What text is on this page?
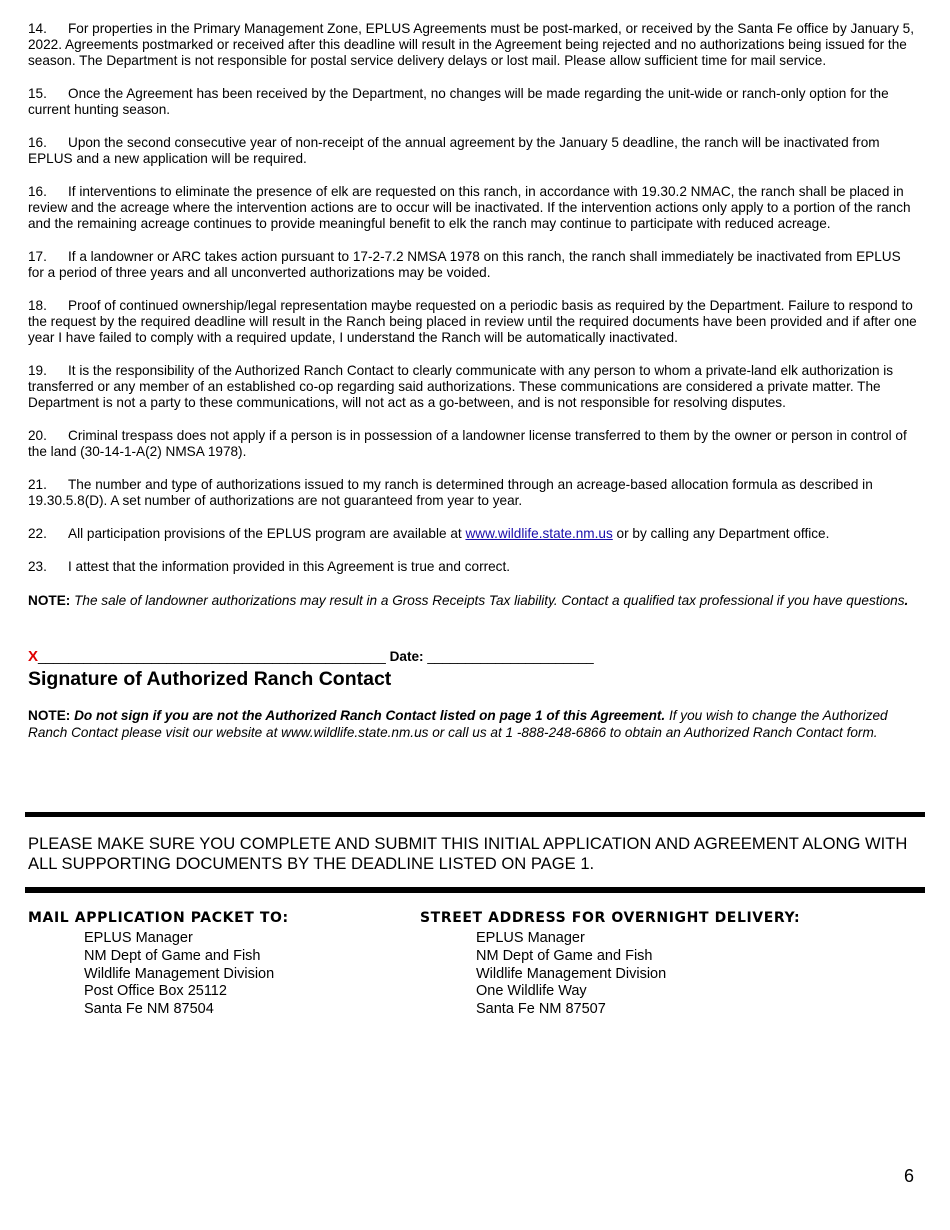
14. For properties in the Primary Management Zone, EPLUS Agreements must be post-marked, or received by the Santa Fe office by January 5, 2022. Agreements postmarked or received after this deadline will result in the Agreement being rejected and no authorizations being issued for the season. The Department is not responsible for postal service delivery delays or lost mail. Please allow sufficient time for mail service.
15. Once the Agreement has been received by the Department, no changes will be made regarding the unit-wide or ranch-only option for the current hunting season.
16. Upon the second consecutive year of non-receipt of the annual agreement by the January 5 deadline, the ranch will be inactivated from EPLUS and a new application will be required.
16. If interventions to eliminate the presence of elk are requested on this ranch, in accordance with 19.30.2 NMAC, the ranch shall be placed in review and the acreage where the intervention actions are to occur will be inactivated. If the intervention actions only apply to a portion of the ranch and the remaining acreage continues to provide meaningful benefit to elk the ranch may continue to participate with reduced acreage.
17. If a landowner or ARC takes action pursuant to 17-2-7.2 NMSA 1978 on this ranch, the ranch shall immediately be inactivated from EPLUS for a period of three years and all unconverted authorizations may be voided.
18. Proof of continued ownership/legal representation maybe requested on a periodic basis as required by the Department. Failure to respond to the request by the required deadline will result in the Ranch being placed in review until the required documents have been provided and if after one year I have failed to comply with a required update, I understand the Ranch will be automatically inactivated.
19. It is the responsibility of the Authorized Ranch Contact to clearly communicate with any person to whom a private-land elk authorization is transferred or any member of an established co-op regarding said authorizations. These communications are considered a private matter. The Department is not a party to these communications, will not act as a go-between, and is not responsible for resolving disputes.
20. Criminal trespass does not apply if a person is in possession of a landowner license transferred to them by the owner or person in control of the land (30-14-1-A(2) NMSA 1978).
21. The number and type of authorizations issued to my ranch is determined through an acreage-based allocation formula as described in 19.30.5.8(D). A set number of authorizations are not guaranteed from year to year.
22. All participation provisions of the EPLUS program are available at www.wildlife.state.nm.us or by calling any Department office.
23. I attest that the information provided in this Agreement is true and correct.
NOTE: The sale of landowner authorizations may result in a Gross Receipts Tax liability. Contact a qualified tax professional if you have questions.
X______________________________________________ Date: ______________________
Signature of Authorized Ranch Contact
NOTE: Do not sign if you are not the Authorized Ranch Contact listed on page 1 of this Agreement. If you wish to change the Authorized Ranch Contact please visit our website at www.wildlife.state.nm.us or call us at 1 -888-248-6866 to obtain an Authorized Ranch Contact form.

PLEASE MAKE SURE YOU COMPLETE AND SUBMIT THIS INITIAL APPLICATION AND AGREEMENT ALONG WITH ALL SUPPORTING DOCUMENTS BY THE DEADLINE LISTED ON PAGE 1.

MAIL APPLICATION PACKET TO:
EPLUS Manager
NM Dept of Game and Fish
Wildlife Management Division
Post Office Box 25112
Santa Fe NM 87504
STREET ADDRESS FOR OVERNIGHT DELIVERY:
EPLUS Manager
NM Dept of Game and Fish
Wildlife Management Division
One Wildlife Way
Santa Fe NM 87507
6
